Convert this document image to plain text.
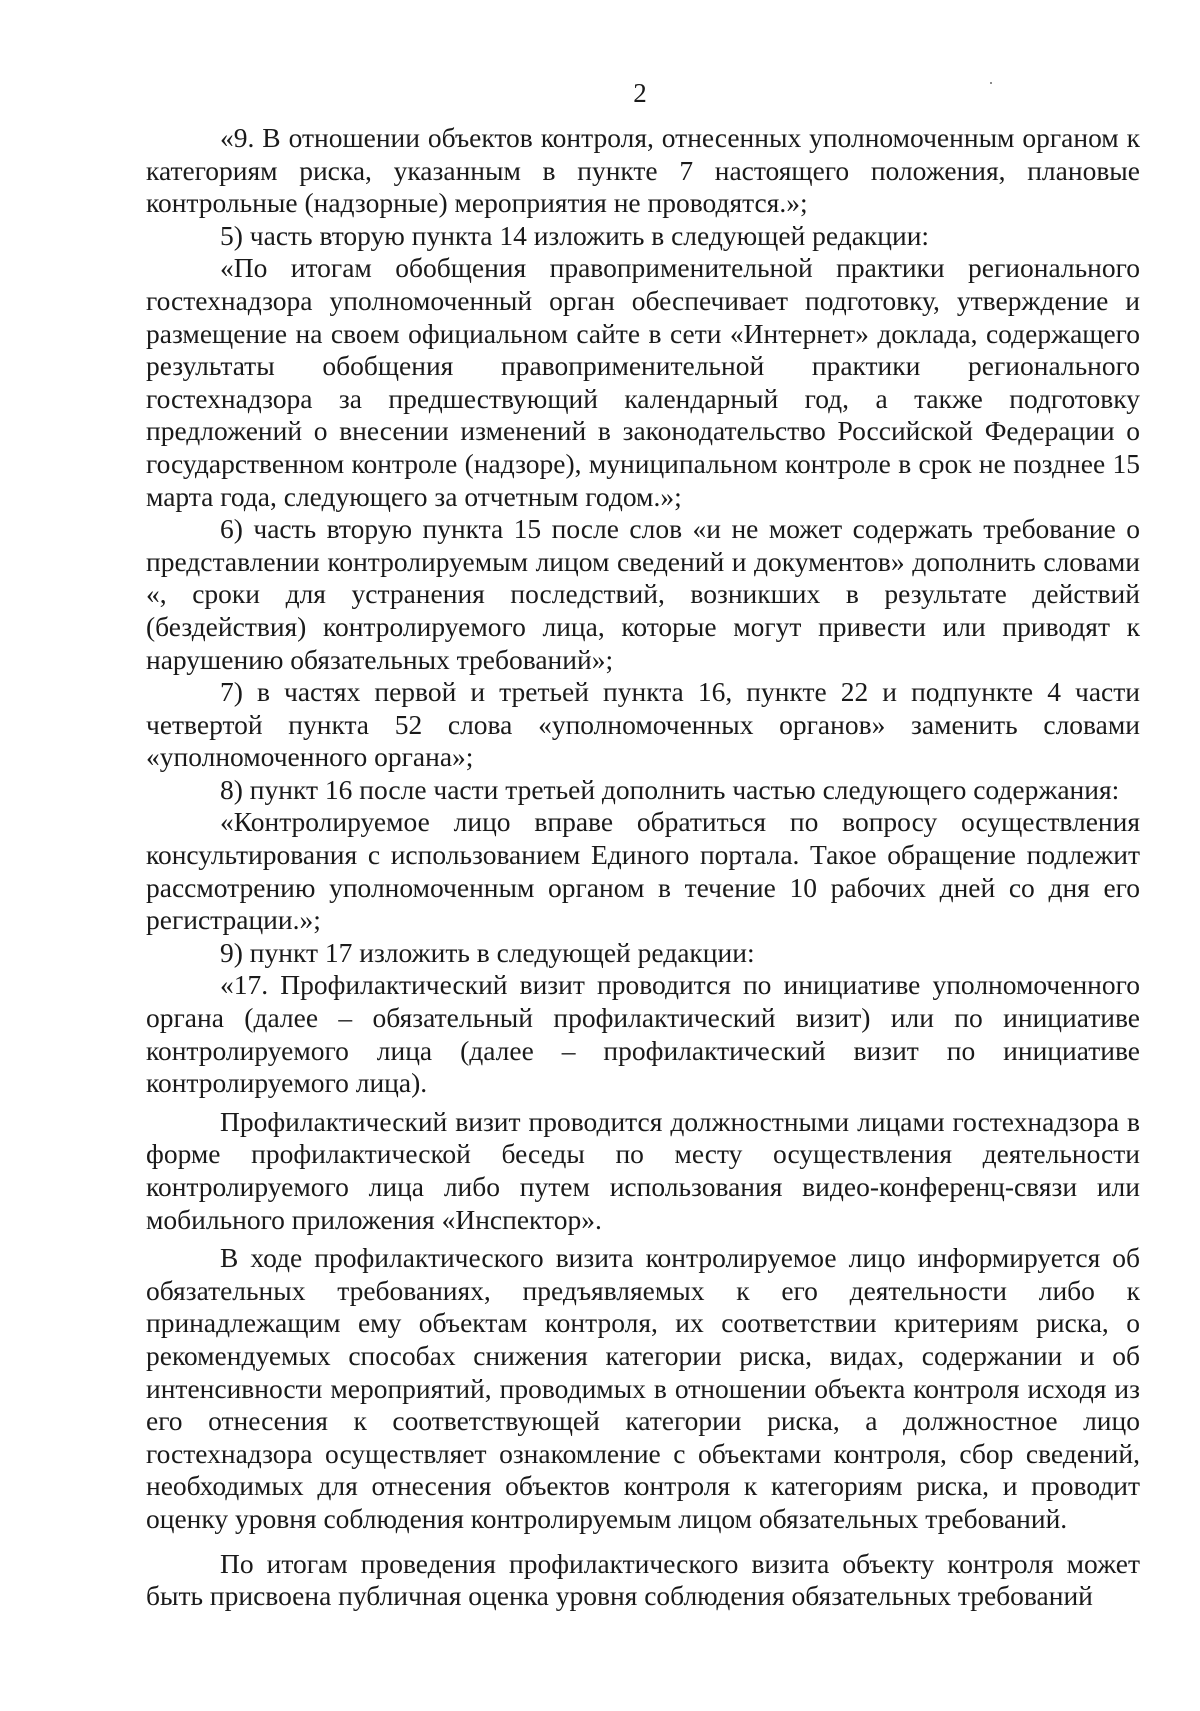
2

«9. В отношении объектов контроля, отнесенных уполномоченным органом к категориям риска, указанным в пункте 7 настоящего положения, плановые контрольные (надзорные) мероприятия не проводятся.»;

5) часть вторую пункта 14 изложить в следующей редакции:

«По итогам обобщения правоприменительной практики регионального гостехнадзора уполномоченный орган обеспечивает подготовку, утверждение и размещение на своем официальном сайте в сети «Интернет» доклада, содержащего результаты обобщения правоприменительной практики регионального гостехнадзора за предшествующий календарный год, а также подготовку предложений о внесении изменений в законодательство Российской Федерации о государственном контроле (надзоре), муниципальном контроле в срок не позднее 15 марта года, следующего за отчетным годом.»;

6) часть вторую пункта 15 после слов «и не может содержать требование о представлении контролируемым лицом сведений и документов» дополнить словами «, сроки для устранения последствий, возникших в результате действий (бездействия) контролируемого лица, которые могут привести или приводят к нарушению обязательных требований»;

7) в частях первой и третьей пункта 16, пункте 22 и подпункте 4 части четвертой пункта 52 слова «уполномоченных органов» заменить словами «уполномоченного органа»;

8) пункт 16 после части третьей дополнить частью следующего содержания:

«Контролируемое лицо вправе обратиться по вопросу осуществления консультирования с использованием Единого портала. Такое обращение подлежит рассмотрению уполномоченным органом в течение 10 рабочих дней со дня его регистрации.»;

9) пункт 17 изложить в следующей редакции:

«17. Профилактический визит проводится по инициативе уполномоченного органа (далее – обязательный профилактический визит) или по инициативе контролируемого лица (далее – профилактический визит по инициативе контролируемого лица).

Профилактический визит проводится должностными лицами гостехнадзора в форме профилактической беседы по месту осуществления деятельности контролируемого лица либо путем использования видео-конференц-связи или мобильного приложения «Инспектор».

В ходе профилактического визита контролируемое лицо информируется об обязательных требованиях, предъявляемых к его деятельности либо к принадлежащим ему объектам контроля, их соответствии критериям риска, о рекомендуемых способах снижения категории риска, видах, содержании и об интенсивности мероприятий, проводимых в отношении объекта контроля исходя из его отнесения к соответствующей категории риска, а должностное лицо гостехнадзора осуществляет ознакомление с объектами контроля, сбор сведений, необходимых для отнесения объектов контроля к категориям риска, и проводит оценку уровня соблюдения контролируемым лицом обязательных требований.

По итогам проведения профилактического визита объекту контроля может быть присвоена публичная оценка уровня соблюдения обязательных требований
